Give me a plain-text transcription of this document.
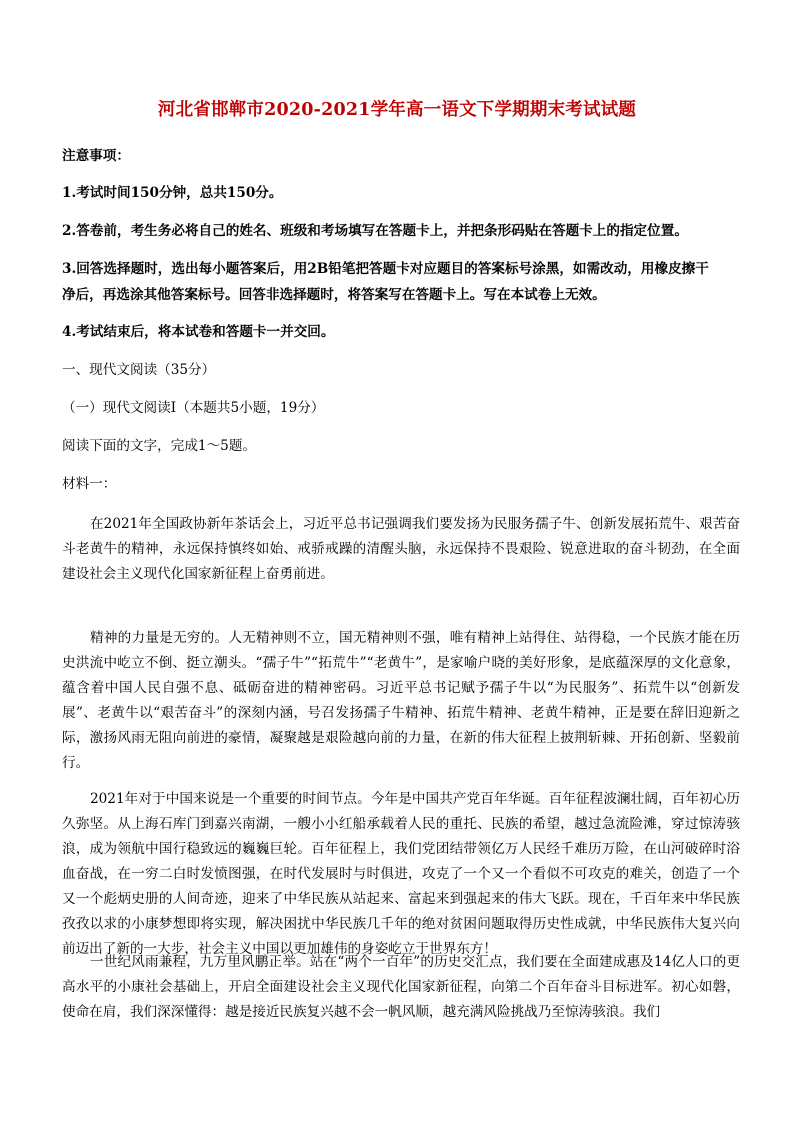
河北省邯郸市2020-2021学年高一语文下学期期末考试试题
注意事项：
1.考试时间150分钟，总共150分。
2.答卷前，考生务必将自己的姓名、班级和考场填写在答题卡上，并把条形码贴在答题卡上的指定位置。
3.回答选择题时，选出每小题答案后，用2B铅笔把答题卡对应题目的答案标号涂黑，如需改动，用橡皮擦干
净后，再选涂其他答案标号。回答非选择题时，将答案写在答题卡上。写在本试卷上无效。
4.考试结束后，将本试卷和答题卡一并交回。
一、现代文阅读（35分）
（一）现代文阅读Ⅰ（本题共5小题，19分）
阅读下面的文字，完成1～5题。
材料一：

在2021年全国政协新年茶话会上，习近平总书记强调我们要发扬为民服务孺子牛、创新发展拓荒牛、艰苦奋斗老黄牛的精神，永远保持慎终如始、戒骄戒躁的清醒头脑，永远保持不畏艰险、锐意进取的奋斗韧劲，在全面建设社会主义现代化国家新征程上奋勇前进。

精神的力量是无穷的。人无精神则不立，国无精神则不强，唯有精神上站得住、站得稳，一个民族才能在历史洪流中屹立不倒、挺立潮头。“孺子牛”“拓荒牛”“老黄牛”，是家喻户晓的美好形象，是底蕴深厚的文化意象，蕴含着中国人民自强不息、砥砺奋进的精神密码。习近平总书记赋予孺子牛以“为民服务”、拓荒牛以“创新发展”、老黄牛以“艰苦奋斗”的深刻内涵，号召发扬孺子牛精神、拓荒牛精神、老黄牛精神，正是要在辞旧迎新之际，激扬风雨无阻向前进的豪情，凝聚越是艰险越向前的力量，在新的伟大征程上披荆斩棘、开拓创新、坚毅前行。

2021年对于中国来说是一个重要的时间节点。今年是中国共产党百年华诞。百年征程波澜壮阔，百年初心历久弥坚。从上海石库门到嘉兴南湖，一艘小小红船承载着人民的重托、民族的希望，越过急流险滩，穿过惊涛骇浪，成为领航中国行稳致远的巍巍巨轮。百年征程上，我们党团结带领亿万人民经千难历万险，在山河破碎时浴血奋战，在一穷二白时发愤图强，在时代发展时与时俱进，攻克了一个又一个看似不可攻克的难关，创造了一个又一个彪炳史册的人间奇迹，迎来了中华民族从站起来、富起来到强起来的伟大飞跃。现在，千百年来中华民族孜孜以求的小康梦想即将实现，解决困扰中华民族几千年的绝对贫困问题取得历史性成就，中华民族伟大复兴向前迈出了新的一大步，社会主义中国以更加雄伟的身姿屹立于世界东方！

一世纪风雨兼程，九万里风鹏正举。站在“两个一百年”的历史交汇点，我们要在全面建成惠及14亿人口的更高水平的小康社会基础上，开启全面建设社会主义现代化国家新征程，向第二个百年奋斗目标进军。初心如磐，使命在肩，我们深深懂得：越是接近民族复兴越不会一帆风顺，越充满风险挑战乃至惊涛骇浪。我们
